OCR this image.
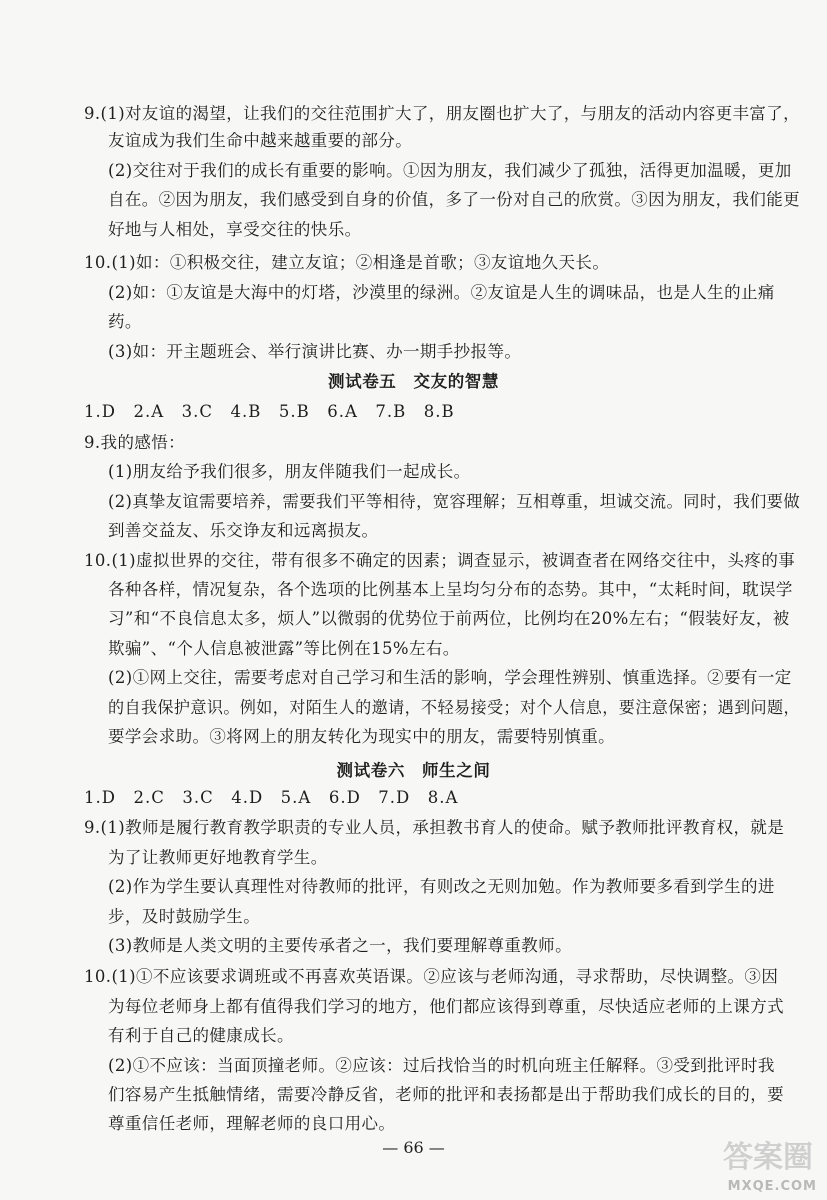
9.(1)对友谊的渴望，让我们的交往范围扩大了，朋友圈也扩大了，与朋友的活动内容更丰富了，
友谊成为我们生命中越来越重要的部分。
(2)交往对于我们的成长有重要的影响。①因为朋友，我们减少了孤独，活得更加温暖，更加
自在。②因为朋友，我们感受到自身的价值，多了一份对自己的欣赏。③因为朋友，我们能更
好地与人相处，享受交往的快乐。
10.(1)如：①积极交往，建立友谊；②相逢是首歌；③友谊地久天长。
(2)如：①友谊是大海中的灯塔，沙漠里的绿洲。②友谊是人生的调味品，也是人生的止痛
药。
(3)如：开主题班会、举行演讲比赛、办一期手抄报等。
测试卷五　交友的智慧
1.D　2.A　3.C　4.B　5.B　6.A　7.B　8.B
9.我的感悟：
(1)朋友给予我们很多，朋友伴随我们一起成长。
(2)真挚友谊需要培养，需要我们平等相待，宽容理解；互相尊重，坦诚交流。同时，我们要做
到善交益友、乐交诤友和远离损友。
10.(1)虚拟世界的交往，带有很多不确定的因素；调查显示，被调查者在网络交往中，头疼的事
各种各样，情况复杂，各个选项的比例基本上呈均匀分布的态势。其中，“太耗时间，耽误学
习”和“不良信息太多，烦人”以微弱的优势位于前两位，比例均在20%左右；“假装好友，被
欺骗”、“个人信息被泄露”等比例在15%左右。
(2)①网上交往，需要考虑对自己学习和生活的影响，学会理性辨别、慎重选择。②要有一定
的自我保护意识。例如，对陌生人的邀请，不轻易接受；对个人信息，要注意保密；遇到问题，
要学会求助。③将网上的朋友转化为现实中的朋友，需要特别慎重。
测试卷六　师生之间
1.D　2.C　3.C　4.D　5.A　6.D　7.D　8.A
9.(1)教师是履行教育教学职责的专业人员，承担教书育人的使命。赋予教师批评教育权，就是
为了让教师更好地教育学生。
(2)作为学生要认真理性对待教师的批评，有则改之无则加勉。作为教师要多看到学生的进
步，及时鼓励学生。
(3)教师是人类文明的主要传承者之一，我们要理解尊重教师。
10.(1)①不应该要求调班或不再喜欢英语课。②应该与老师沟通，寻求帮助，尽快调整。③因
为每位老师身上都有值得我们学习的地方，他们都应该得到尊重，尽快适应老师的上课方式
有利于自己的健康成长。
(2)①不应该：当面顶撞老师。②应该：过后找恰当的时机向班主任解释。③受到批评时我
们容易产生抵触情绪，需要冷静反省，老师的批评和表扬都是出于帮助我们成长的目的，要
尊重信任老师，理解老师的良口用心。
— 66 —	答案圈
MXQE.COM
